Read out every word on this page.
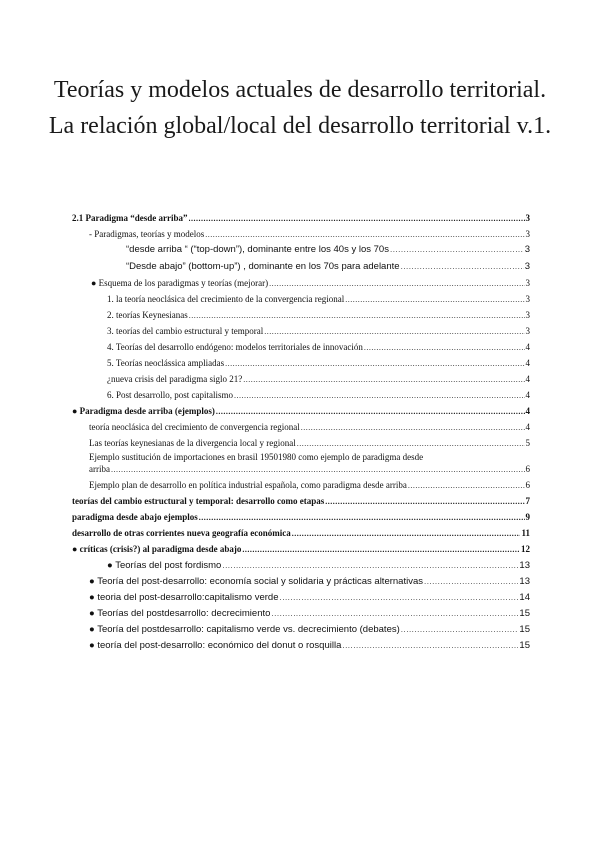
Teorías y modelos actuales de desarrollo territorial. La relación global/local del desarrollo territorial v.1.
2.1 Paradigma “desde arriba” .....	3
- Paradigmas, teorías y modelos .....	3
“desde arriba “ (“top-down”), dominante entre los 40s y los 70s .....	3
“Desde abajo” (bottom-up”) , dominante en los 70s para adelante .....	3
● Esquema de los paradigmas y teorías (mejorar) .....	3
1. la teoría neoclásica del crecimiento de la convergencia regional .....	3
2. teorías Keynesianas .....	3
3. teorías del cambio estructural y temporal .....	3
4. Teorías del desarrollo endógeno: modelos territoriales de innovación .....	4
5. Teorías neoclássica ampliadas .....	4
¿nueva crisis del paradigma siglo 21? .....	4
6. Post desarrollo, post capitalismo .....	4
● Paradigma desde arriba (ejemplos) .....	4
teoría neoclásica del crecimiento de convergencia regional .....	4
Las teorías keynesianas de la divergencia local y regional .....	5
Ejemplo sustitución de importaciones en brasil 19501980 como ejemplo de paradigma desde
arriba .....	6
Ejemplo plan de desarrollo en política industrial española, como paradigma desde arriba .....	6
teorías del cambio estructural y temporal: desarrollo como etapas .....	7
paradigma desde abajo ejemplos .....	9
desarrollo de otras corrientes nueva geografía económica .....	11
● críticas (crisis?) al paradigma desde abajo .....	12
● Teorías del post fordismo .....	13
● Teoría del post-desarrollo: economía social y solidaria y prácticas alternativas .....	13
● teoria del post-desarrollo:capitalismo verde .....	14
● Teorías del postdesarrollo: decrecimiento .....	15
● Teoría del postdesarrollo: capitalismo verde vs. decrecimiento (debates) .....	15
● teoría del post-desarrollo: económico del donut o rosquilla .....	15
